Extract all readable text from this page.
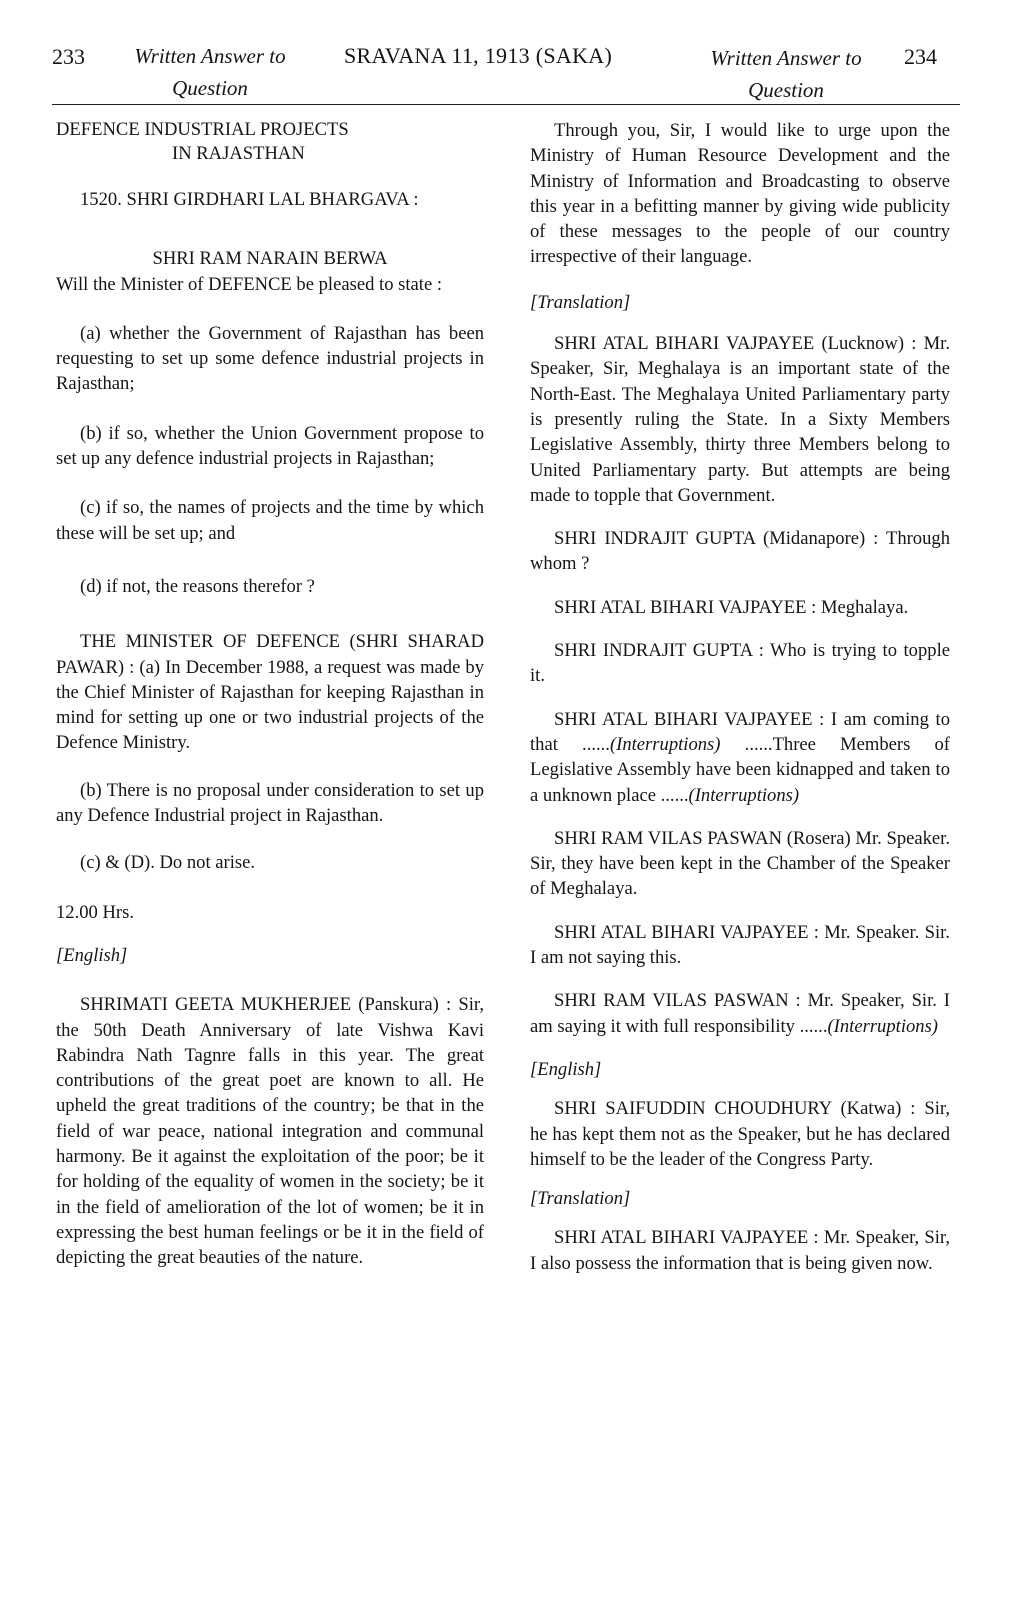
233	Written Answer to Question
SRAVANA 11, 1913 (SAKA)	Written Answer to Question
234
DEFENCE INDUSTRIAL PROJECTS
IN RAJASTHAN

1520. SHRI GIRDHARI LAL BHARGAVA :

SHRI RAM NARAIN BERWA

Will the Minister of DEFENCE be pleased to state :

(a) whether the Government of Rajasthan has been requesting to set up some defence industrial projects in Rajasthan;

(b) if so, whether the Union Government propose to set up any defence industrial projects in Rajasthan;

(c) if so, the names of projects and the time by which these will be set up; and

(d) if not, the reasons therefor ?

THE MINISTER OF DEFENCE (SHRI SHARAD PAWAR) : (a) In December 1988, a request was made by the Chief Minister of Rajasthan for keeping Rajasthan in mind for setting up one or two industrial projects of the Defence Ministry.

(b) There is no proposal under consideration to set up any Defence Industrial project in Rajasthan.

(c) & (D). Do not arise.

12.00 Hrs.

[English]

SHRIMATI GEETA MUKHERJEE (Panskura) : Sir, the 50th Death Anniversary of late Vishwa Kavi Rabindra Nath Tagnre falls in this year. The great contributions of the great poet are known to all. He upheld the great traditions of the country; be that in the field of war peace, national integration and communal harmony. Be it against the exploitation of the poor; be it for holding of the equality of women in the society; be it in the field of amelioration of the lot of women; be it in expressing the best human feelings or be it in the field of depicting the great beauties of the nature.

Through you, Sir, I would like to urge upon the Ministry of Human Resource Development and the Ministry of Information and Broadcasting to observe this year in a befitting manner by giving wide publicity of these messages to the people of our country irrespective of their language.

[Translation]

SHRI ATAL BIHARI VAJPAYEE (Lucknow) : Mr. Speaker, Sir, Meghalaya is an important state of the North-East. The Meghalaya United Parliamentary party is presently ruling the State. In a Sixty Members Legislative Assembly, thirty three Members belong to United Parliamentary party. But attempts are being made to topple that Government.

SHRI INDRAJIT GUPTA (Midanapore) : Through whom ?

SHRI ATAL BIHARI VAJPAYEE : Meghalaya.

SHRI INDRAJIT GUPTA : Who is trying to topple it.

SHRI ATAL BIHARI VAJPAYEE : I am coming to that ......(Interruptions) ......Three Members of Legislative Assembly have been kidnapped and taken to a unknown place ......(Interruptions)

SHRI RAM VILAS PASWAN (Rosera) Mr. Speaker. Sir, they have been kept in the Chamber of the Speaker of Meghalaya.

SHRI ATAL BIHARI VAJPAYEE : Mr. Speaker. Sir. I am not saying this.

SHRI RAM VILAS PASWAN : Mr. Speaker, Sir. I am saying it with full responsibility ......(Interruptions)

[English]

SHRI SAIFUDDIN CHOUDHURY (Katwa) : Sir, he has kept them not as the Speaker, but he has declared himself to be the leader of the Congress Party.

[Translation]

SHRI ATAL BIHARI VAJPAYEE : Mr. Speaker, Sir, I also possess the information that is being given now.
